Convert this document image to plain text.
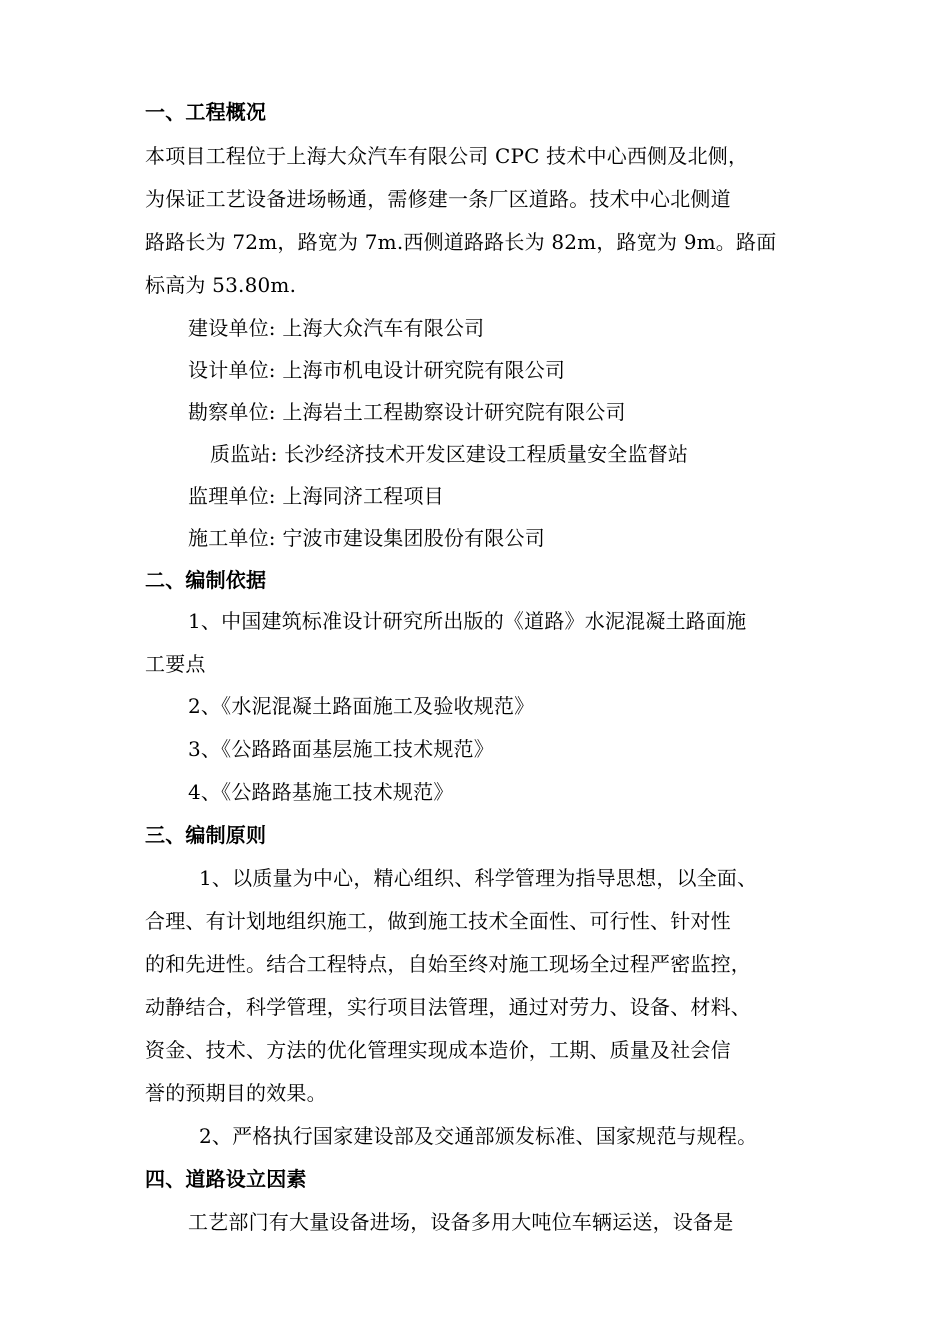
一、工程概况
本项目工程位于上海大众汽车有限公司 CPC 技术中心西侧及北侧，
为保证工艺设备进场畅通，需修建一条厂区道路。技术中心北侧道
路路长为 72m，路宽为 7m.西侧道路路长为 82m，路宽为 9m。路面
标高为 53.80m.
建设单位: 上海大众汽车有限公司
设计单位: 上海市机电设计研究院有限公司
勘察单位: 上海岩土工程勘察设计研究院有限公司
质监站: 长沙经济技术开发区建设工程质量安全监督站
监理单位: 上海同济工程项目
施工单位: 宁波市建设集团股份有限公司
二、编制依据
1、中国建筑标准设计研究所出版的《道路》水泥混凝土路面施
工要点
2、《水泥混凝土路面施工及验收规范》
3、《公路路面基层施工技术规范》
4、《公路路基施工技术规范》
三、编制原则
1、以质量为中心，精心组织、科学管理为指导思想，以全面、
合理、有计划地组织施工，做到施工技术全面性、可行性、针对性
的和先进性。结合工程特点，自始至终对施工现场全过程严密监控，
动静结合，科学管理，实行项目法管理，通过对劳力、设备、材料、
资金、技术、方法的优化管理实现成本造价，工期、质量及社会信
誉的预期目的效果。
2、严格执行国家建设部及交通部颁发标准、国家规范与规程。
四、道路设立因素
工艺部门有大量设备进场，设备多用大吨位车辆运送，设备是
